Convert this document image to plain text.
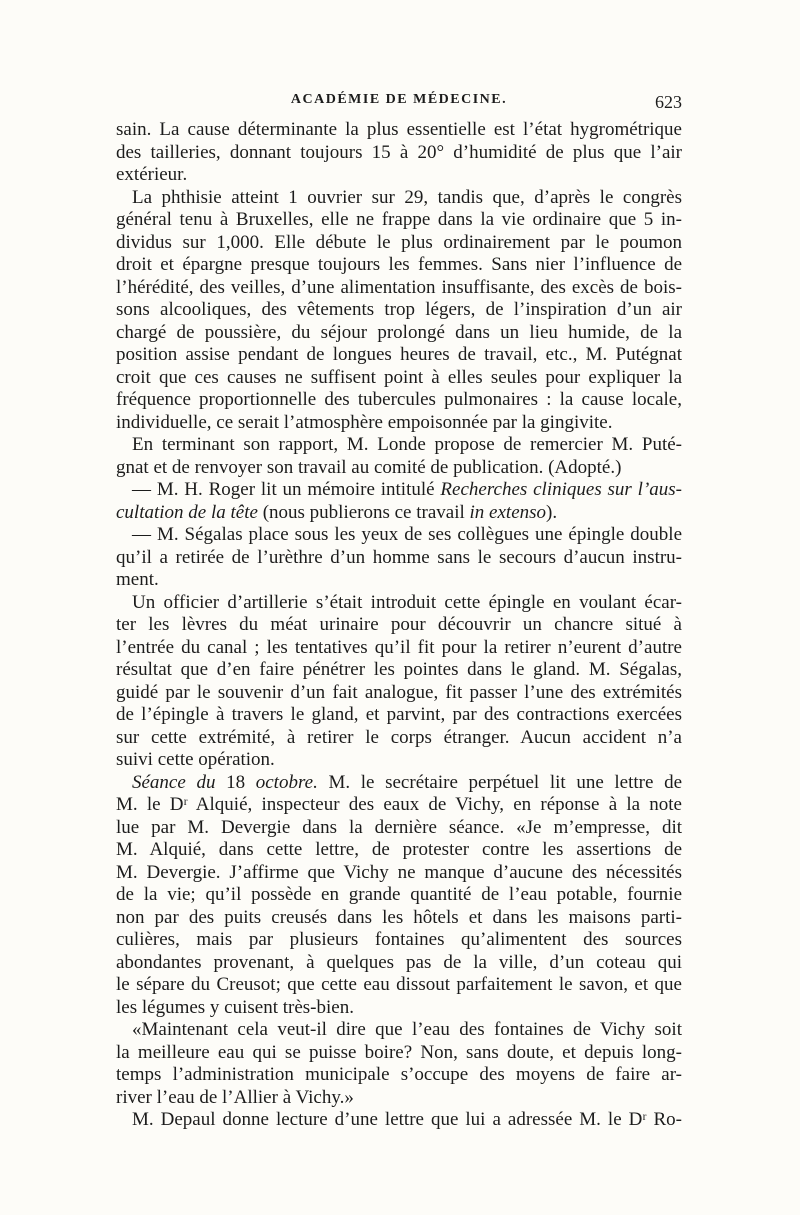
ACADÉMIE DE MÉDECINE.	623
sain. La cause déterminante la plus essentielle est l’état hygrométrique
des tailleries, donnant toujours 15 à 20° d’humidité de plus que l’air
extérieur.
La phthisie atteint 1 ouvrier sur 29, tandis que, d’après le congrès
général tenu à Bruxelles, elle ne frappe dans la vie ordinaire que 5 in-
dividus sur 1,000. Elle débute le plus ordinairement par le poumon
droit et épargne presque toujours les femmes. Sans nier l’influence de
l’hérédité, des veilles, d’une alimentation insuffisante, des excès de bois-
sons alcooliques, des vêtements trop légers, de l’inspiration d’un air
chargé de poussière, du séjour prolongé dans un lieu humide, de la
position assise pendant de longues heures de travail, etc., M. Putégnat
croit que ces causes ne suffisent point à elles seules pour expliquer la
fréquence proportionnelle des tubercules pulmonaires : la cause locale,
individuelle, ce serait l’atmosphère empoisonnée par la gingivite.
En terminant son rapport, M. Londe propose de remercier M. Puté-
gnat et de renvoyer son travail au comité de publication. (Adopté.)
— M. H. Roger lit un mémoire intitulé Recherches cliniques sur l’aus-
cultation de la tête (nous publierons ce travail in extenso).
— M. Ségalas place sous les yeux de ses collègues une épingle double
qu’il a retirée de l’urèthre d’un homme sans le secours d’aucun instru-
ment.
Un officier d’artillerie s’était introduit cette épingle en voulant écar-
ter les lèvres du méat urinaire pour découvrir un chancre situé à
l’entrée du canal ; les tentatives qu’il fit pour la retirer n’eurent d’autre
résultat que d’en faire pénétrer les pointes dans le gland. M. Ségalas,
guidé par le souvenir d’un fait analogue, fit passer l’une des extrémités
de l’épingle à travers le gland, et parvint, par des contractions exercées
sur cette extrémité, à retirer le corps étranger. Aucun accident n’a
suivi cette opération.
Séance du 18 octobre. M. le secrétaire perpétuel lit une lettre de
M. le Dʳ Alquié, inspecteur des eaux de Vichy, en réponse à la note
lue par M. Devergie dans la dernière séance. «Je m’empresse, dit
M. Alquié, dans cette lettre, de protester contre les assertions de
M. Devergie. J’affirme que Vichy ne manque d’aucune des nécessités
de la vie; qu’il possède en grande quantité de l’eau potable, fournie
non par des puits creusés dans les hôtels et dans les maisons parti-
culières, mais par plusieurs fontaines qu’alimentent des sources
abondantes provenant, à quelques pas de la ville, d’un coteau qui
le sépare du Creusot; que cette eau dissout parfaitement le savon, et que
les légumes y cuisent très-bien.
«Maintenant cela veut-il dire que l’eau des fontaines de Vichy soit
la meilleure eau qui se puisse boire? Non, sans doute, et depuis long-
temps l’administration municipale s’occupe des moyens de faire ar-
river l’eau de l’Allier à Vichy.»
M. Depaul donne lecture d’une lettre que lui a adressée M. le Dʳ Ro-
